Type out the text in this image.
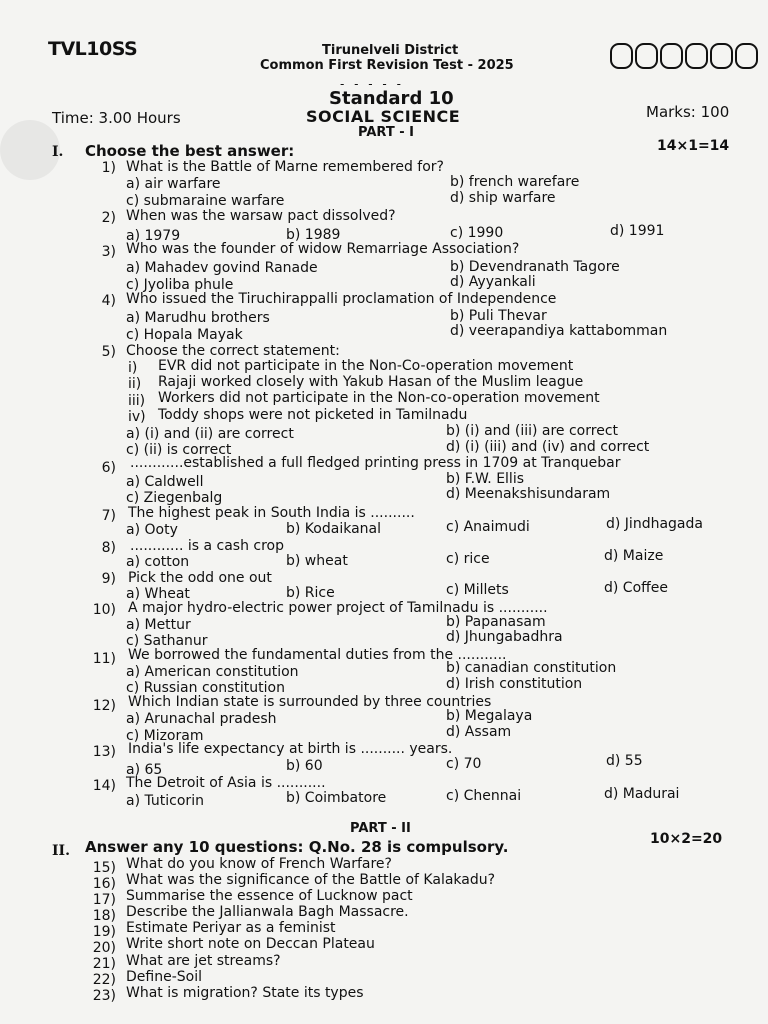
TVL10SS	Tirunelveli District
Common First Revision Test - 2025
- - - - -
Standard 10
Time: 3.00 Hours	SOCIAL SCIENCE	Marks: 100
PART - I
I. Choose the best answer:	14×1=14
1) What is the Battle of Marne remembered for?
a) air warfare	b) french warefare
c) submaraine warfare	d) ship warfare
2) When was the warsaw pact dissolved?
a) 1979	b) 1989	c) 1990	d) 1991
3) Who was the founder of widow Remarriage Association?
a) Mahadev govind Ranade	b) Devendranath Tagore
c) Jyoliba phule	d) Ayyankali
4) Who issued the Tiruchirappalli proclamation of Independence
a) Marudhu brothers	b) Puli Thevar
c) Hopala Mayak	d) veerapandiya kattabomman
5) Choose the correct statement:
i) EVR did not participate in the Non-Co-operation movement
ii) Rajaji worked closely with Yakub Hasan of the Muslim league
iii) Workers did not participate in the Non-co-operation movement
iv) Toddy shops were not picketed in Tamilnadu
a) (i) and (ii) are correct	b) (i) and (iii) are correct
c) (ii) is correct	d) (i) (iii) and (iv) and correct
6) ............established a full fledged printing press in 1709 at Tranquebar
a) Caldwell	b) F.W. Ellis
c) Ziegenbalg	d) Meenakshisundaram
7) The highest peak in South India is ..........
a) Ooty	b) Kodaikanal	c) Anaimudi	d) Jindhagada
8) ............ is a cash crop
a) cotton	b) wheat	c) rice	d) Maize
9) Pick the odd one out
a) Wheat	b) Rice	c) Millets	d) Coffee
10) A major hydro-electric power project of Tamilnadu is ...........
a) Mettur	b) Papanasam
c) Sathanur	d) Jhungabadhra
11) We borrowed the fundamental duties from the ...........
a) American constitution	b) canadian constitution
c) Russian constitution	d) Irish constitution
12) Which Indian state is surrounded by three countries
a) Arunachal pradesh	b) Megalaya
c) Mizoram	d) Assam
13) India's life expectancy at birth is .......... years.
a) 65	b) 60	c) 70	d) 55
14) The Detroit of Asia is ...........
a) Tuticorin	b) Coimbatore	c) Chennai	d) Madurai
PART - II
II. Answer any 10 questions: Q.No. 28 is compulsory.	10×2=20
15) What do you know of French Warfare?
16) What was the significance of the Battle of Kalakadu?
17) Summarise the essence of Lucknow pact
18) Describe the Jallianwala Bagh Massacre.
19) Estimate Periyar as a feminist
20) Write short note on Deccan Plateau
21) What are jet streams?
22) Define-Soil
23) What is migration? State its types
